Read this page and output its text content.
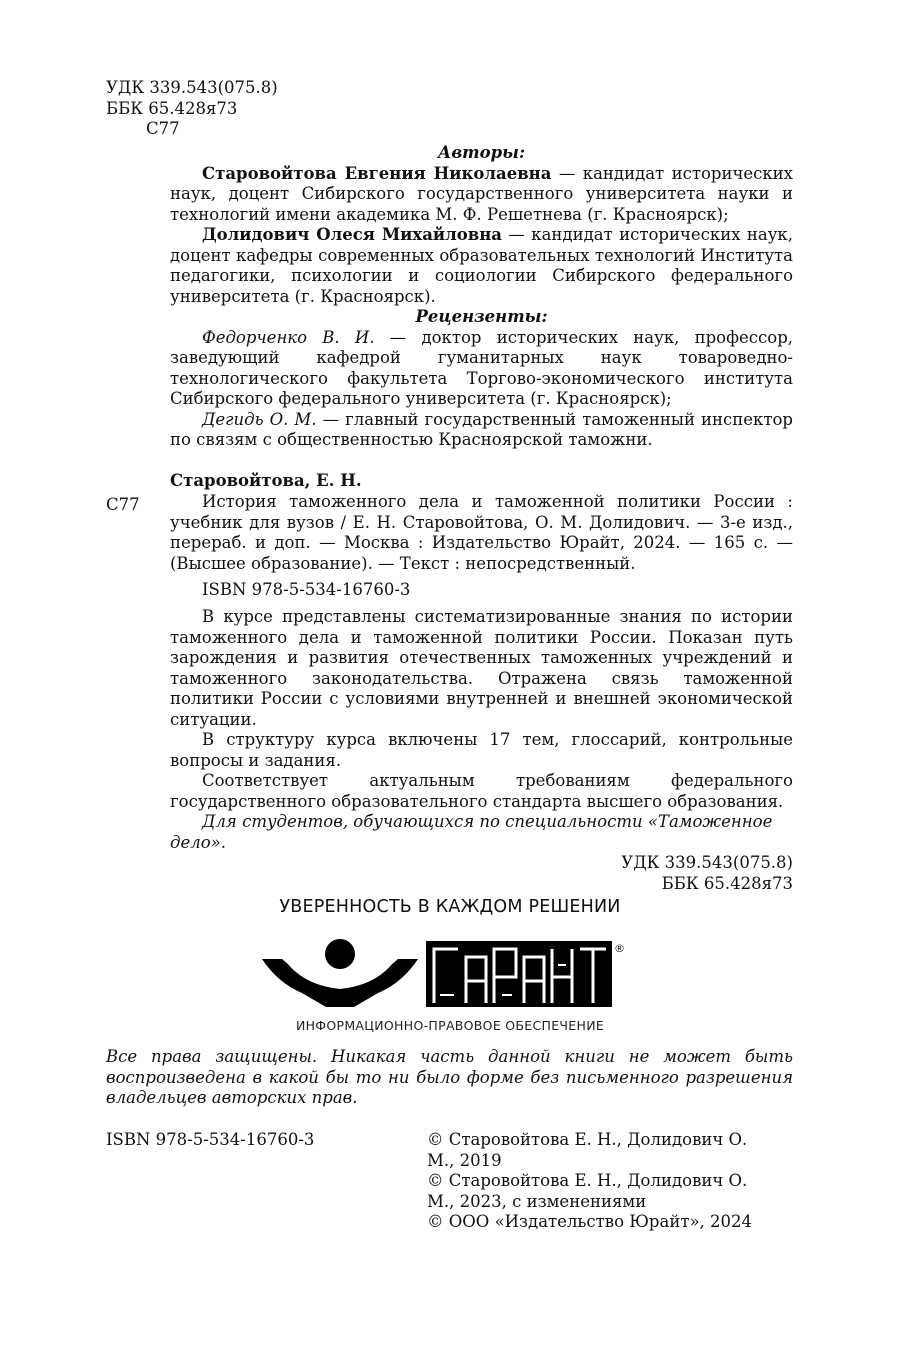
УДК 339.543(075.8)
ББК 65.428я73
С77
Авторы:

Старовойтова Евгения Николаевна — кандидат исторических наук, доцент Сибирского государственного университета науки и технологий имени академика М. Ф. Решетнева (г. Красноярск);

Долидович Олеся Михайловна — кандидат исторических наук, доцент кафедры современных образовательных технологий Института педагогики, психологии и социологии Сибирского федерального университета (г. Красноярск).

Рецензенты:

Федорченко В. И. — доктор исторических наук, профессор, заведующий кафедрой гуманитарных наук товароведно-технологического факультета Торгово-экономического института Сибирского федерального университета (г. Красноярск);

Дегидь О. М. — главный государственный таможенный инспектор по связям с общественностью Красноярской таможни.

Старовойтова, Е. Н.
С77	История таможенного дела и таможенной политики России : учебник для вузов / Е. Н. Старовойтова, О. М. Долидович. — 3-е изд., перераб. и доп. — Москва : Издательство Юрайт, 2024. — 165 с. — (Высшее образование). — Текст : непосредственный.

ISBN 978-5-534-16760-3

В курсе представлены систематизированные знания по истории таможенного дела и таможенной политики России. Показан путь зарождения и развития отечественных таможенных учреждений и таможенного законодательства. Отражена связь таможенной политики России с условиями внутренней и внешней экономической ситуации.

В структуру курса включены 17 тем, глоссарий, контрольные вопросы и задания.

Соответствует актуальным требованиям федерального государственного образовательного стандарта высшего образования.

Для студентов, обучающихся по специальности «Таможенное дело».

УДК 339.543(075.8)
ББК 65.428я73
УВЕРЕННОСТЬ В КАЖДОМ РЕШЕНИИ
®
ИНФОРМАЦИОННО-ПРАВОВОЕ ОБЕСПЕЧЕНИЕ
Все права защищены. Никакая часть данной книги не может быть воспроизведена в какой бы то ни было форме без письменного разрешения владельцев авторских прав.
ISBN 978-5-534-16760-3	© Старовойтова Е. Н., Долидович О. М., 2019
© Старовойтова Е. Н., Долидович О. М., 2023, с изменениями
© ООО «Издательство Юрайт», 2024
